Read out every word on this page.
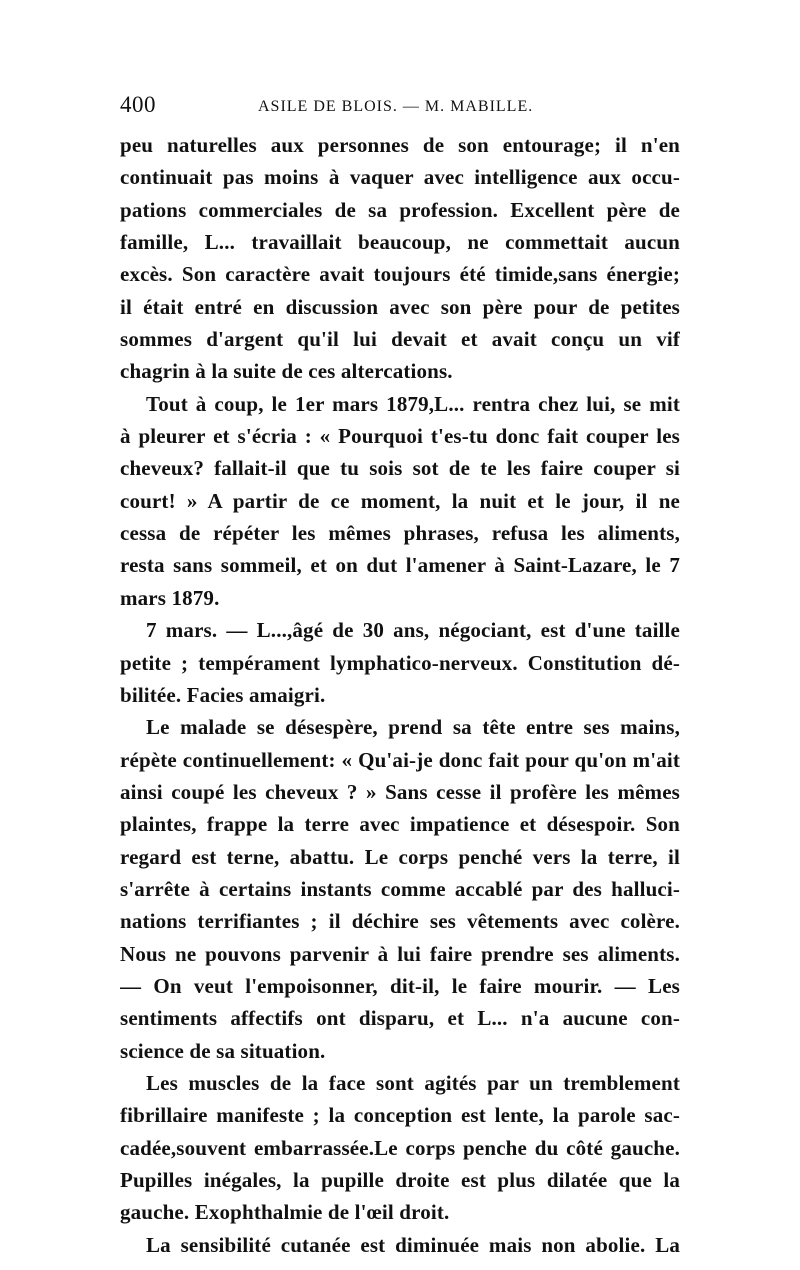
400	ASILE DE BLOIS. — M. MABILLE.
peu naturelles aux personnes de son entourage; il n'en
continuait pas moins à vaquer avec intelligence aux occu-
pations commerciales de sa profession. Excellent père de
famille, L... travaillait beaucoup, ne commettait aucun
excès. Son caractère avait toujours été timide,sans énergie;
il était entré en discussion avec son père pour de petites
sommes d'argent qu'il lui devait et avait conçu un vif
chagrin à la suite de ces altercations.
Tout à coup, le 1er mars 1879,L... rentra chez lui, se mit
à pleurer et s'écria : « Pourquoi t'es-tu donc fait couper les
cheveux? fallait-il que tu sois sot de te les faire couper si
court! » A partir de ce moment, la nuit et le jour, il ne
cessa de répéter les mêmes phrases, refusa les aliments,
resta sans sommeil, et on dut l'amener à Saint-Lazare, le 7
mars 1879.
7 mars. — L...,âgé de 30 ans, négociant, est d'une taille
petite ; tempérament lymphatico-nerveux. Constitution dé-
bilitée. Facies amaigri.
Le malade se désespère, prend sa tête entre ses mains,
répète continuellement: « Qu'ai-je donc fait pour qu'on m'ait
ainsi coupé les cheveux ? » Sans cesse il profère les mêmes
plaintes, frappe la terre avec impatience et désespoir. Son
regard est terne, abattu. Le corps penché vers la terre, il
s'arrête à certains instants comme accablé par des halluci-
nations terrifiantes ; il déchire ses vêtements avec colère.
Nous ne pouvons parvenir à lui faire prendre ses aliments.
— On veut l'empoisonner, dit-il, le faire mourir. — Les
sentiments affectifs ont disparu, et L... n'a aucune con-
science de sa situation.
Les muscles de la face sont agités par un tremblement
fibrillaire manifeste ; la conception est lente, la parole sac-
cadée,souvent embarrassée.Le corps penche du côté gauche.
Pupilles inégales, la pupille droite est plus dilatée que la
gauche. Exophthalmie de l'œil droit.
La sensibilité cutanée est diminuée mais non abolie. La
